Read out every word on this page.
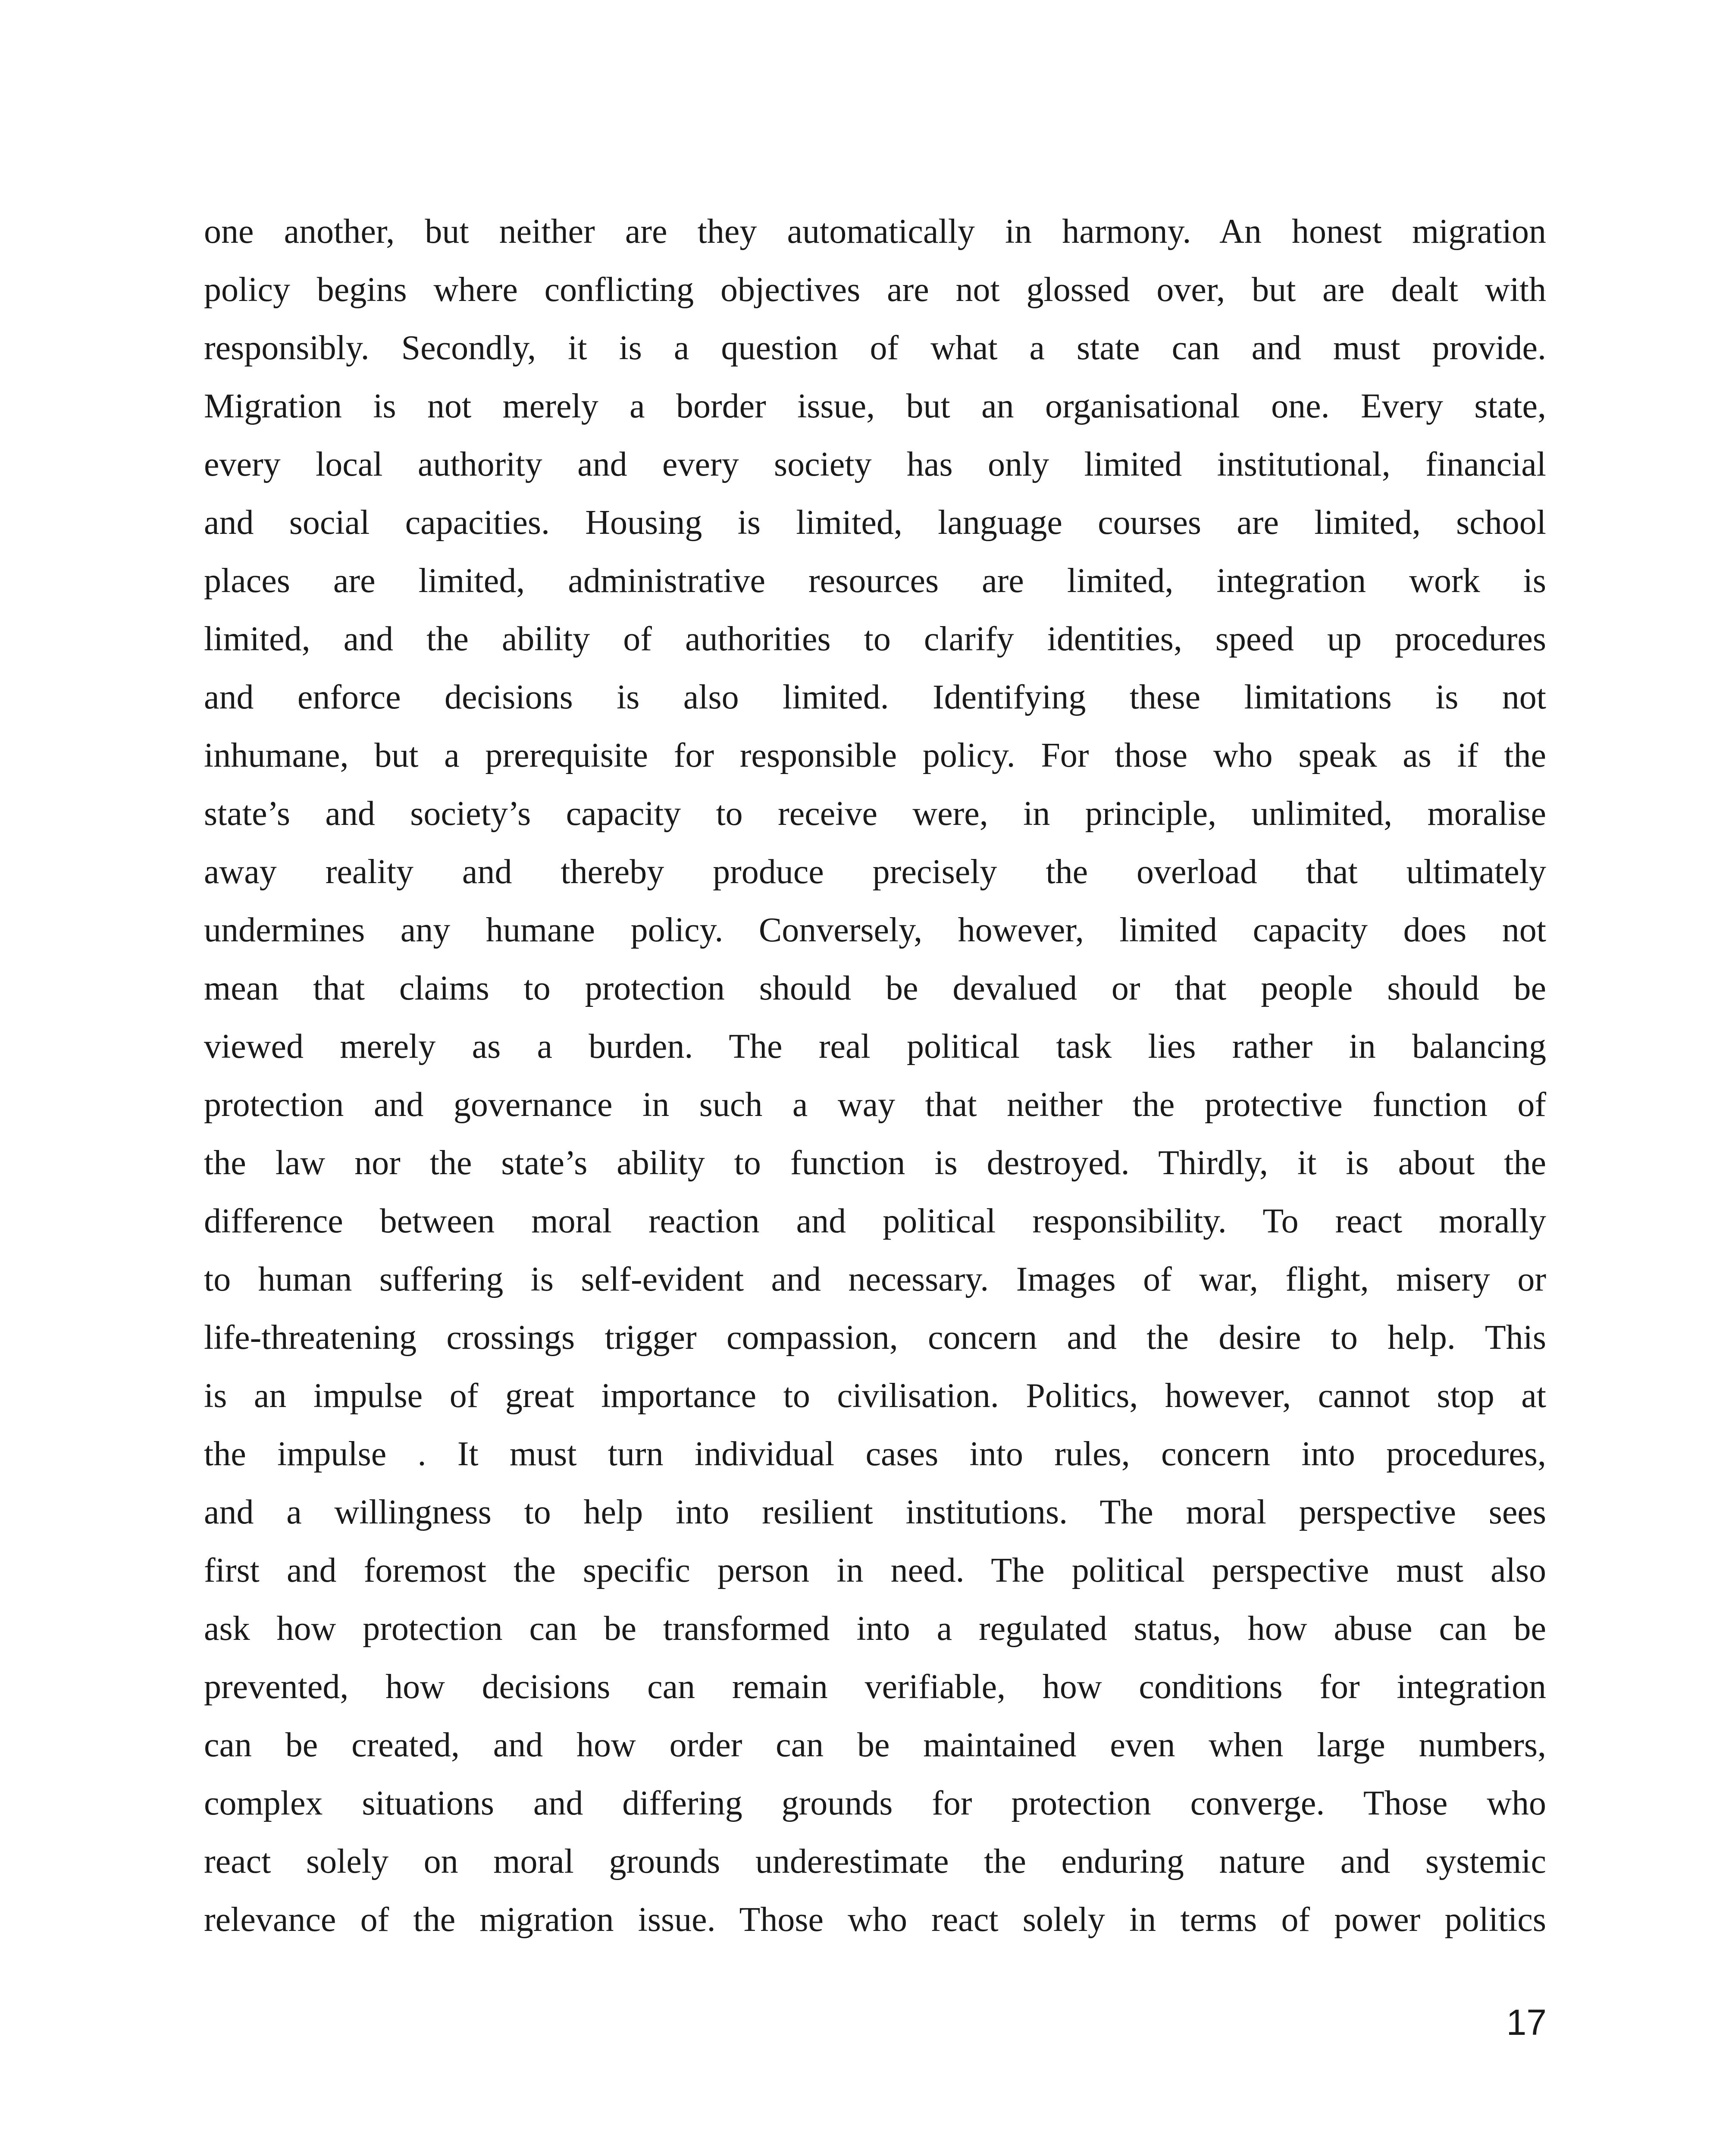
one another, but neither are they automatically in harmony. An honest migration
policy begins where conflicting objectives are not glossed over, but are dealt with
responsibly. Secondly, it is a question of what a state can and must provide.
Migration is not merely a border issue, but an organisational one. Every state,
every local authority and every society has only limited institutional, financial
and social capacities. Housing is limited, language courses are limited, school
places are limited, administrative resources are limited, integration work is
limited, and the ability of authorities to clarify identities, speed up procedures
and enforce decisions is also limited. Identifying these limitations is not
inhumane, but a prerequisite for responsible policy. For those who speak as if the
state’s and society’s capacity to receive were, in principle, unlimited, moralise
away reality and thereby produce precisely the overload that ultimately
undermines any humane policy. Conversely, however, limited capacity does not
mean that claims to protection should be devalued or that people should be
viewed merely as a burden. The real political task lies rather in balancing
protection and governance in such a way that neither the protective function of
the law nor the state’s ability to function is destroyed. Thirdly, it is about the
difference between moral reaction and political responsibility. To react morally
to human suffering is self-evident and necessary. Images of war, flight, misery or
life-threatening crossings trigger compassion, concern and the desire to help. This
is an impulse of great importance to civilisation. Politics, however, cannot stop at
the impulse . It must turn individual cases into rules, concern into procedures,
and a willingness to help into resilient institutions. The moral perspective sees
first and foremost the specific person in need. The political perspective must also
ask how protection can be transformed into a regulated status, how abuse can be
prevented, how decisions can remain verifiable, how conditions for integration
can be created, and how order can be maintained even when large numbers,
complex situations and differing grounds for protection converge. Those who
react solely on moral grounds underestimate the enduring nature and systemic
relevance of the migration issue. Those who react solely in terms of power politics
17
